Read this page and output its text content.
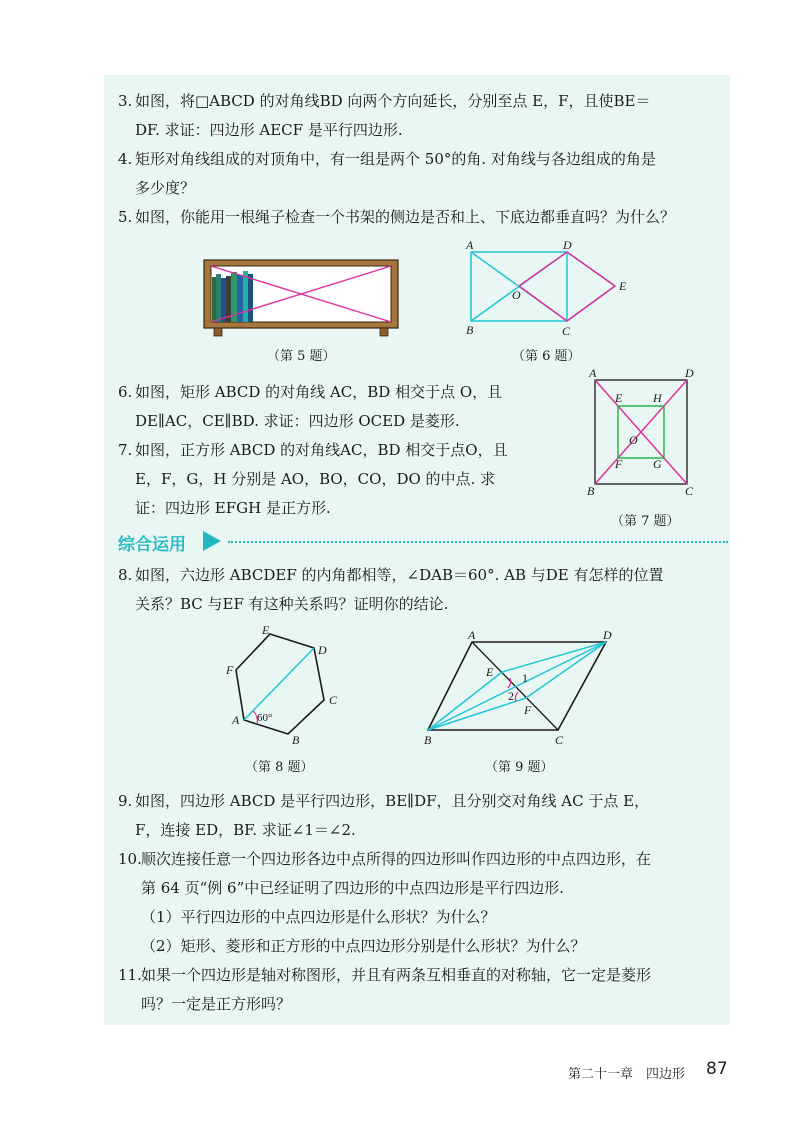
3. 如图，将□ABCD 的对角线BD 向两个方向延长，分别至点 E，F，且使BE＝
DF. 求证：四边形 AECF 是平行四边形.
4. 矩形对角线组成的对顶角中，有一组是两个 50°的角. 对角线与各边组成的角是
多少度？
5. 如图，你能用一根绳子检查一个书架的侧边是否和上、下底边都垂直吗？为什么？
（第 5 题）
A	D
E
O
B	C
（第 6 题）
6. 如图，矩形 ABCD 的对角线 AC，BD 相交于点 O，且
DE∥AC，CE∥BD. 求证：四边形 OCED 是菱形.
7. 如图，正方形 ABCD 的对角线AC，BD 相交于点O，且
E，F，G，H 分别是 AO，BO，CO，DO 的中点. 求
证：四边形 EFGH 是正方形.
A	D
E	H
O
F	G
B	C
（第 7 题）
综合运用
8. 如图，六边形 ABCDEF 的内角都相等，∠DAB＝60°. AB 与DE 有怎样的位置
关系？BC 与EF 有这种关系吗？证明你的结论.
60°
A
B
C
D
E
F
（第 8 题）
A	D
E
F
1
2
B	C
（第 9 题）
9. 如图，四边形 ABCD 是平行四边形，BE∥DF，且分别交对角线 AC 于点 E，
F，连接 ED，BF. 求证∠1＝∠2.
10. 顺次连接任意一个四边形各边中点所得的四边形叫作四边形的中点四边形，在
第 64 页“例 6”中已经证明了四边形的中点四边形是平行四边形.
（1）平行四边形的中点四边形是什么形状？为什么？
（2）矩形、菱形和正方形的中点四边形分别是什么形状？为什么？
11. 如果一个四边形是轴对称图形，并且有两条互相垂直的对称轴，它一定是菱形
吗？一定是正方形吗？
第二十一章 四边形 87
